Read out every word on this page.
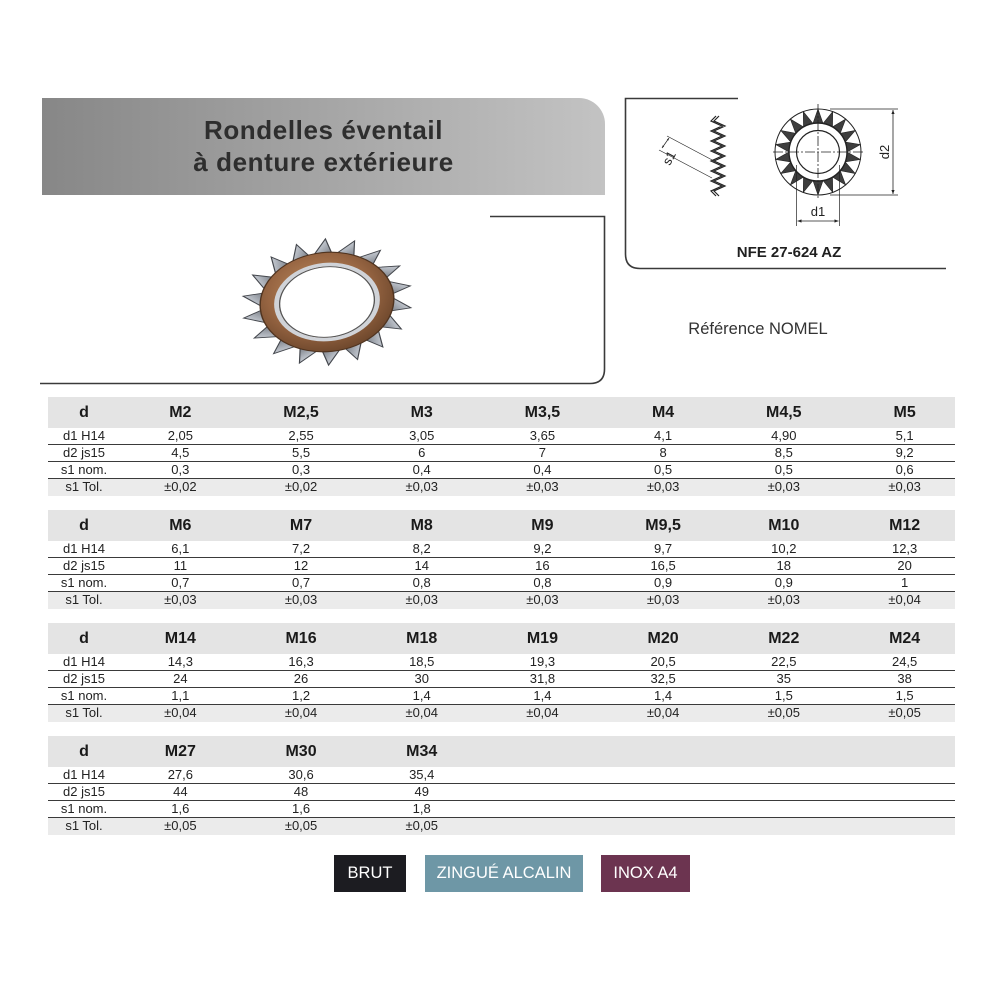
Rondelles éventail
à denture extérieure	s1	d2
d1
NFE 27-624 AZ
Référence NOMEL
d	M2	M2,5	M3	M3,5	M4	M4,5	M5
d1 H14	2,05	2,55	3,05	3,65	4,1	4,90	5,1
d2 js15	4,5	5,5	6	7	8	8,5	9,2
s1 nom.	0,3	0,3	0,4	0,4	0,5	0,5	0,6
s1 Tol.	±0,02	±0,02	±0,03	±0,03	±0,03	±0,03	±0,03
d	M6	M7	M8	M9	M9,5	M10	M12
d1 H14	6,1	7,2	8,2	9,2	9,7	10,2	12,3
d2 js15	11	12	14	16	16,5	18	20
s1 nom.	0,7	0,7	0,8	0,8	0,9	0,9	1
s1 Tol.	±0,03	±0,03	±0,03	±0,03	±0,03	±0,03	±0,04
d	M14	M16	M18	M19	M20	M22	M24
d1 H14	14,3	16,3	18,5	19,3	20,5	22,5	24,5
d2 js15	24	26	30	31,8	32,5	35	38
s1 nom.	1,1	1,2	1,4	1,4	1,4	1,5	1,5
s1 Tol.	±0,04	±0,04	±0,04	±0,04	±0,04	±0,05	±0,05
d	M27	M30	M34
d1 H14	27,6	30,6	35,4
d2 js15	44	48	49
s1 nom.	1,6	1,6	1,8
s1 Tol.	±0,05	±0,05	±0,05
BRUT	ZINGUÉ ALCALIN	INOX A4
